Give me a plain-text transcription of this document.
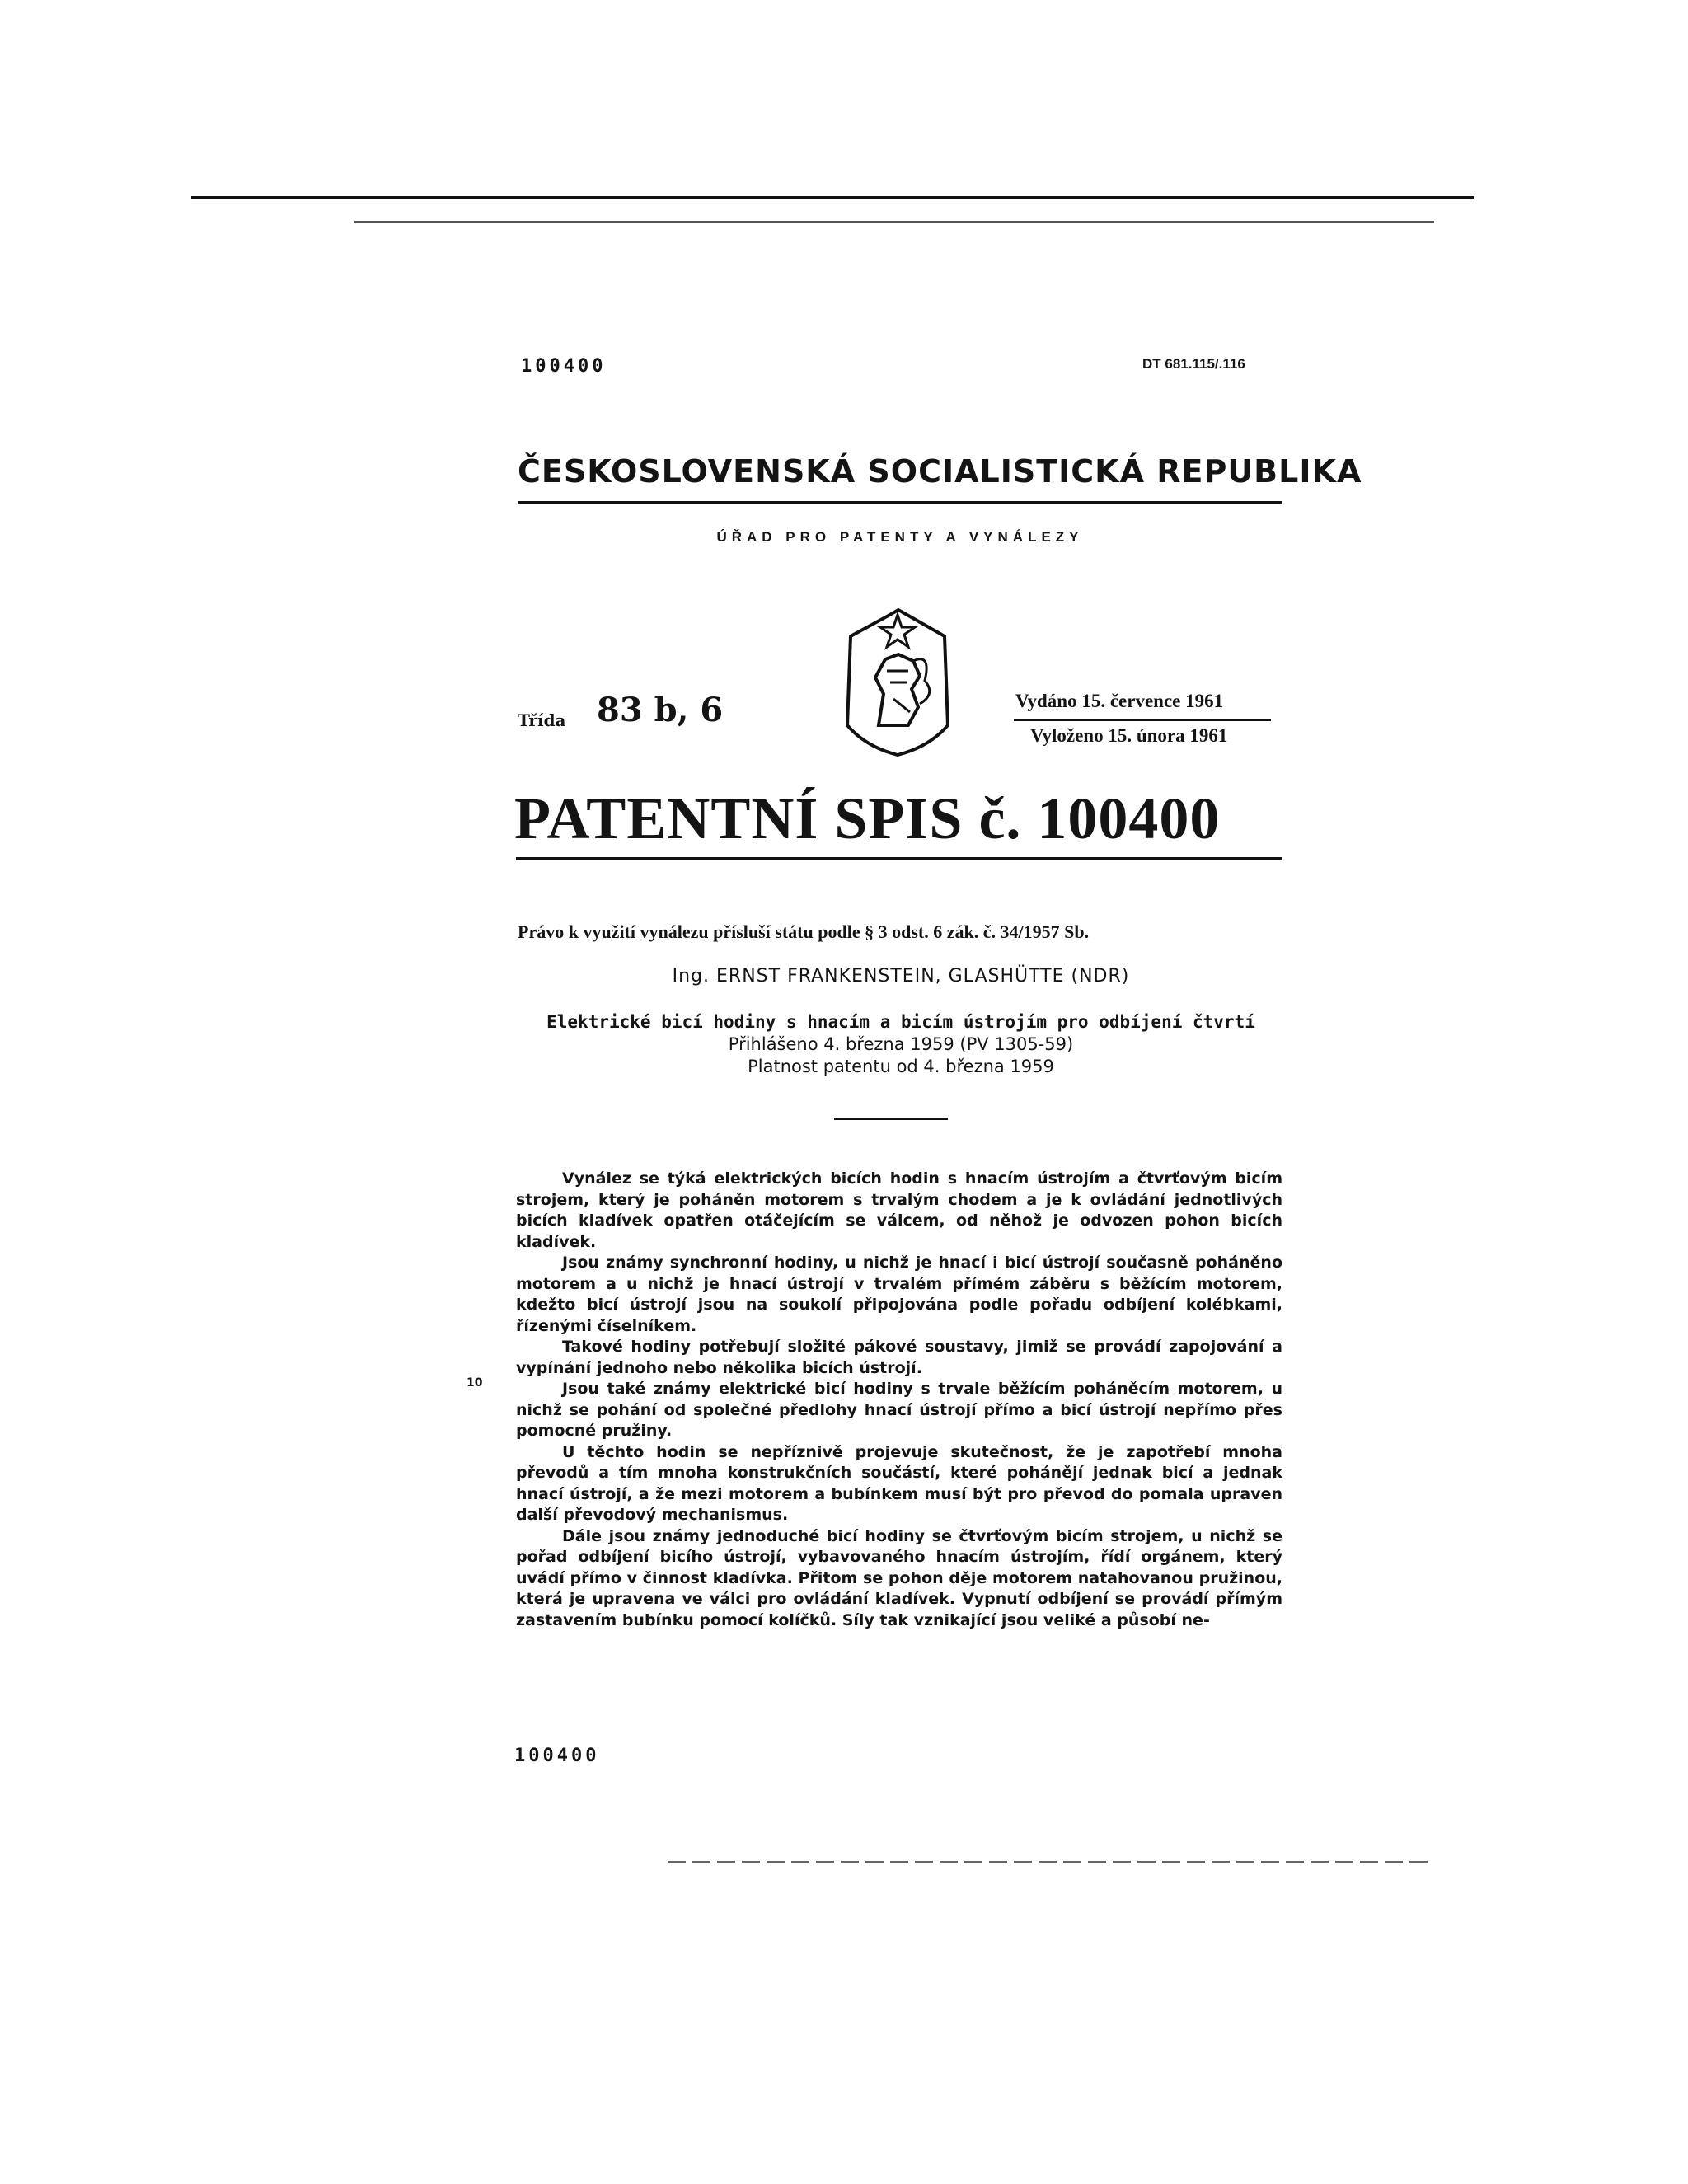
100400	DT 681.115/.116
ČESKOSLOVENSKÁ SOCIALISTICKÁ REPUBLIKA
ÚŘAD PRO PATENTY A VYNÁLEZY
Třída 83 b, 6	Vydáno 15. července 1961
Vyloženo 15. února 1961
PATENTNÍ SPIS č. 100400
Právo k využití vynálezu přísluší státu podle § 3 odst. 6 zák. č. 34/1957 Sb.
Ing. ERNST FRANKENSTEIN, GLASHÜTTE (NDR)
Elektrické bicí hodiny s hnacím a bicím ústrojím pro odbíjení čtvrtí
Přihlášeno 4. března 1959 (PV 1305-59)
Platnost patentu od 4. března 1959

Vynález se týká elektrických bicích hodin s hnacím ústrojím a čtvrťovým bicím strojem, který je poháněn motorem s trvalým chodem a je k ovládání jednotlivých bicích kladívek opatřen otáčejícím se válcem, od něhož je odvozen pohon bicích kladívek.

Jsou známy synchronní hodiny, u nichž je hnací i bicí ústrojí současně poháněno motorem a u nichž je hnací ústrojí v trvalém přímém záběru s běžícím motorem, kdežto bicí ústrojí jsou na soukolí připojována podle pořadu odbíjení kolébkami, řízenými číselníkem.

Takové hodiny potřebují složité pákové soustavy, jimiž se provádí zapojování a vypínání jednoho nebo několika bicích ústrojí.

Jsou také známy elektrické bicí hodiny s trvale běžícím poháněcím motorem, u nichž se pohání od společné předlohy hnací ústrojí přímo a bicí ústrojí nepřímo přes pomocné pružiny.

U těchto hodin se nepříznivě projevuje skutečnost, že je zapotřebí mnoha převodů a tím mnoha konstrukčních součástí, které pohánějí jednak bicí a jednak hnací ústrojí, a že mezi motorem a bubínkem musí být pro převod do pomala upraven další převodový mechanismus.

Dále jsou známy jednoduché bicí hodiny se čtvrťovým bicím strojem, u nichž se pořad odbíjení bicího ústrojí, vybavovaného hnacím ústrojím, řídí orgánem, který uvádí přímo v činnost kladívka. Přitom se pohon děje motorem natahovanou pružinou, která je upravena ve válci pro ovládání kladívek. Vypnutí odbíjení se provádí přímým zastavením bubínku pomocí kolíčků. Síly tak vznikající jsou veliké a působí ne-

10
100400
